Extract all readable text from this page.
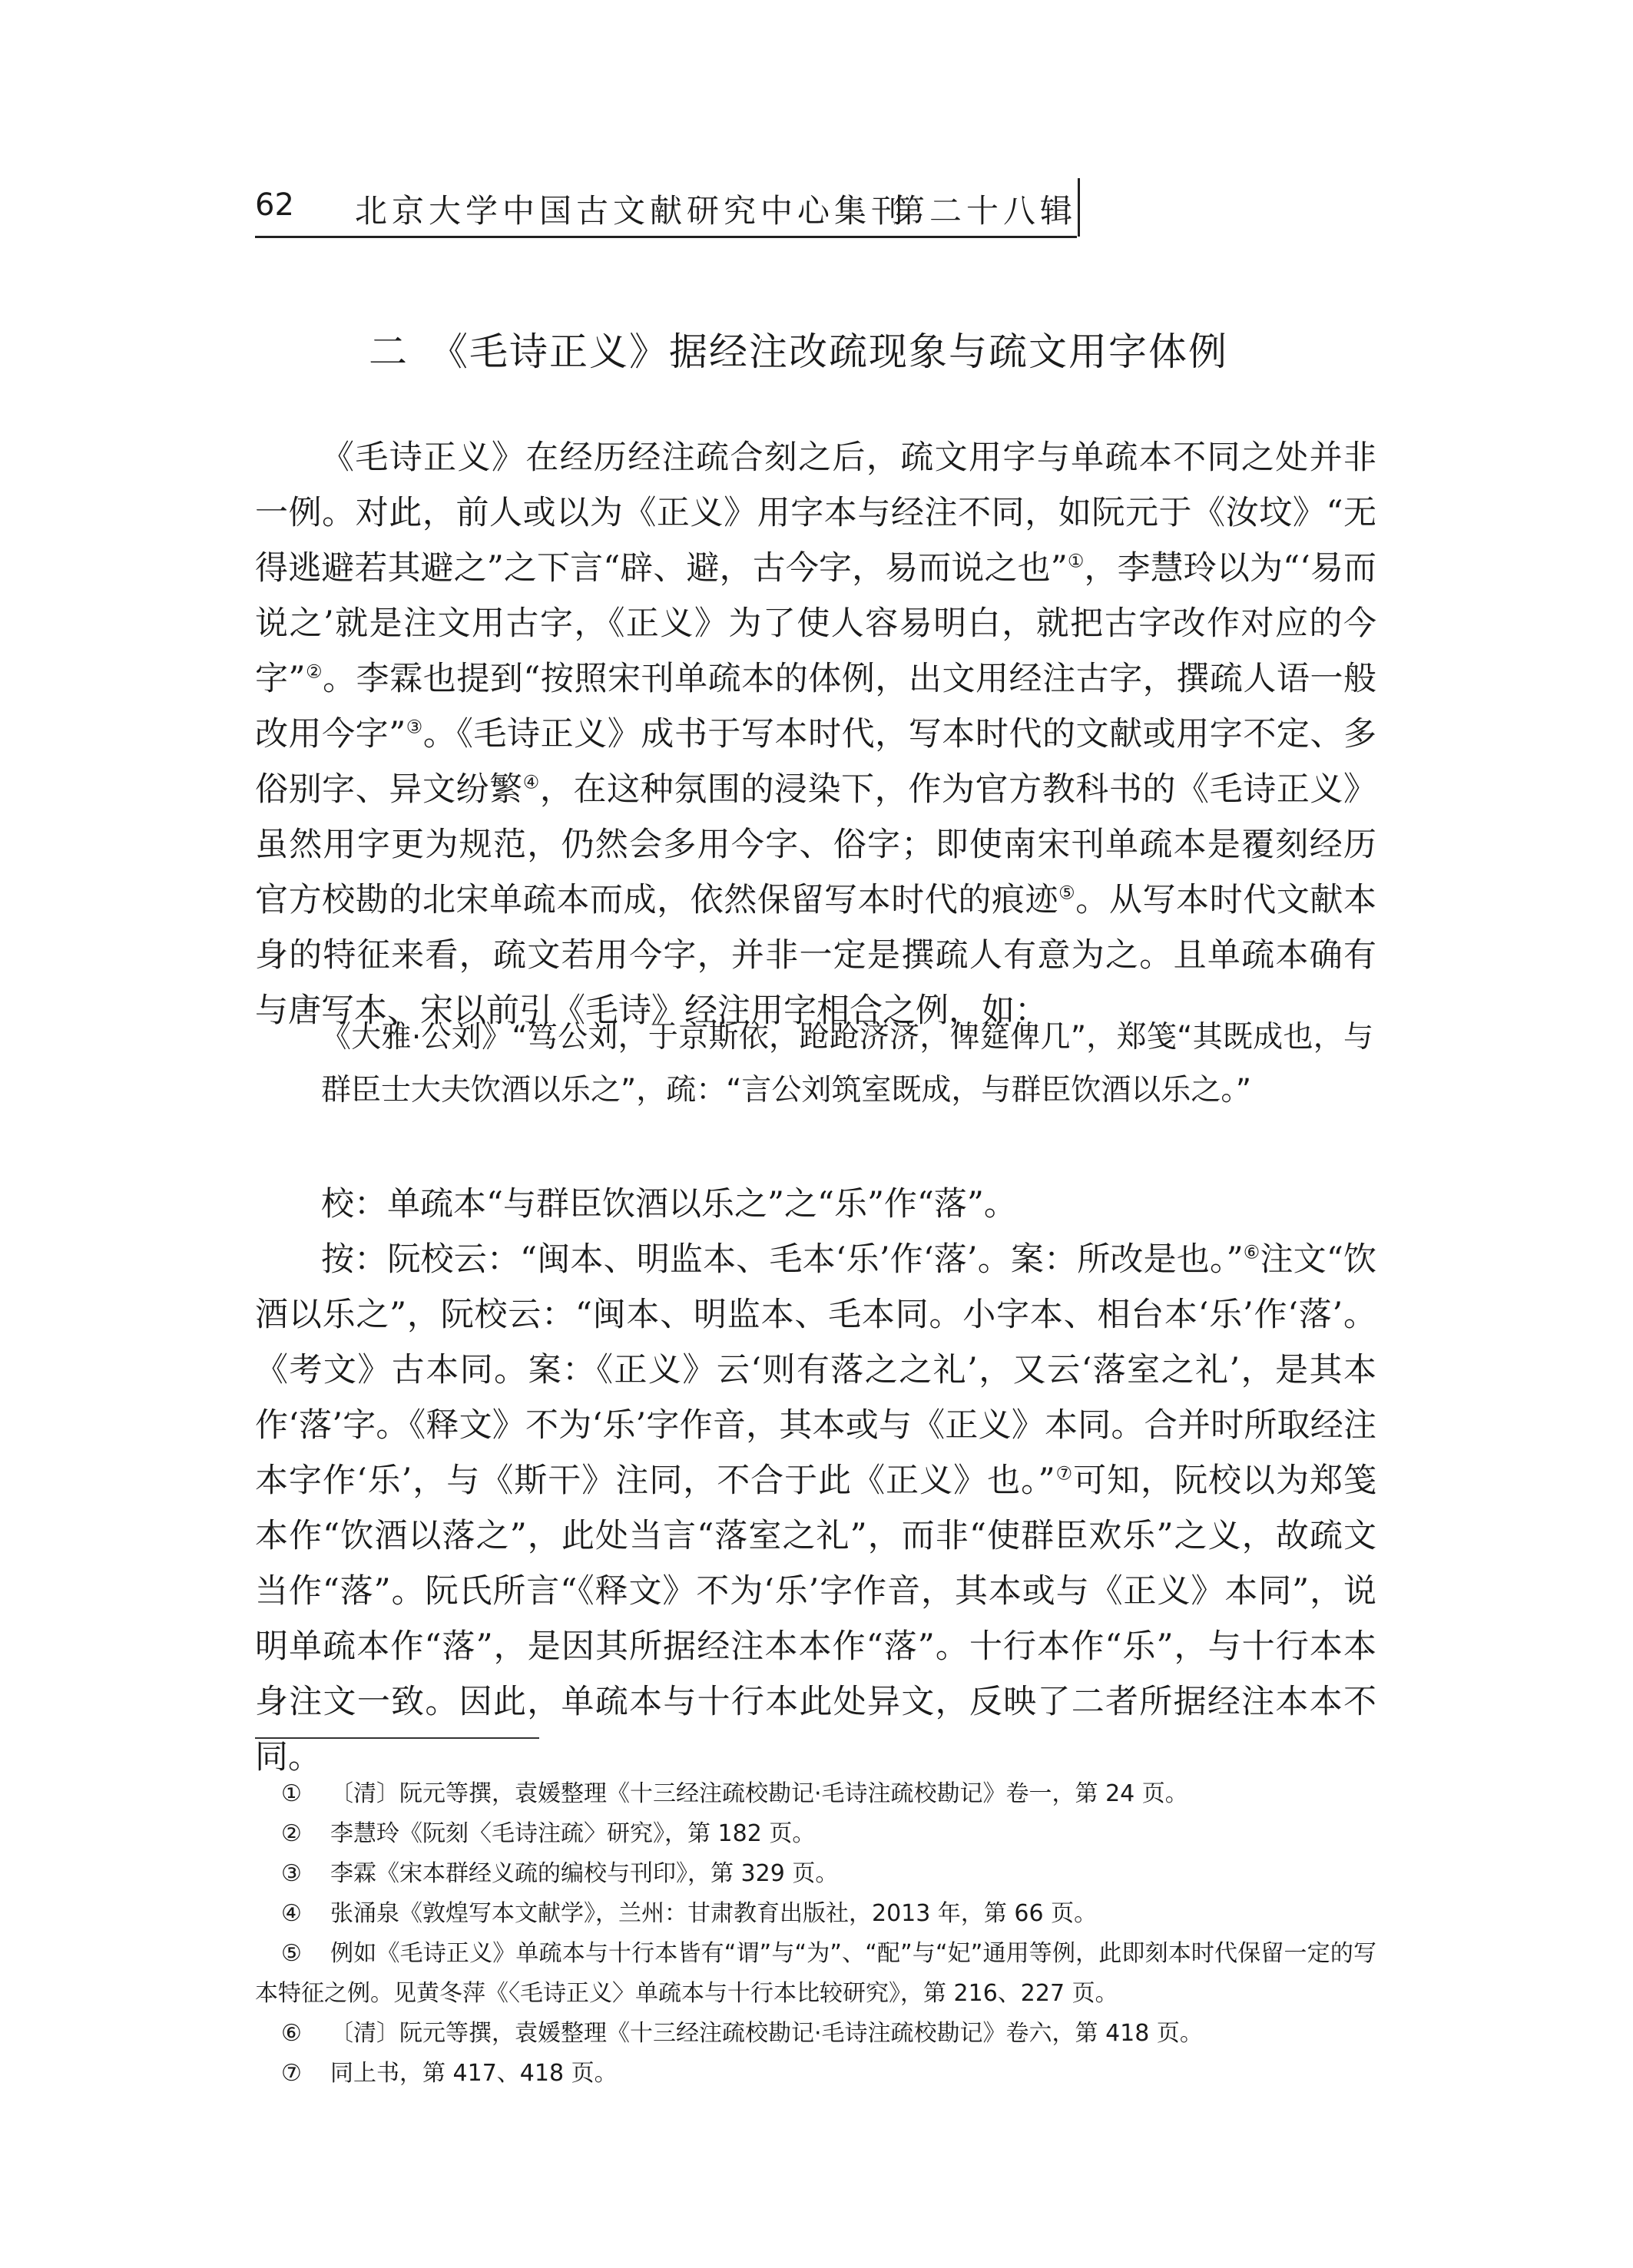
62 北京大学中国古文献研究中心集刊
第二十八辑
二　《毛诗正义》据经注改疏现象与疏文用字体例

《毛诗正义》在经历经注疏合刻之后，疏文用字与单疏本不同之处并非一例。对此，前人或以为《正义》用字本与经注不同，如阮元于《汝坟》“无得逃避若其避之”之下言“辟、避，古今字，易而说之也”①，李慧玲以为“‘易而说之’就是注文用古字，《正义》为了使人容易明白，就把古字改作对应的今字”②。李霖也提到“按照宋刊单疏本的体例，出文用经注古字，撰疏人语一般改用今字”③。《毛诗正义》成书于写本时代，写本时代的文献或用字不定、多俗别字、异文纷繁④，在这种氛围的浸染下，作为官方教科书的《毛诗正义》虽然用字更为规范，仍然会多用今字、俗字；即使南宋刊单疏本是覆刻经历官方校勘的北宋单疏本而成，依然保留写本时代的痕迹⑤。从写本时代文献本身的特征来看，疏文若用今字，并非一定是撰疏人有意为之。且单疏本确有与唐写本、宋以前引《毛诗》经注用字相合之例，如：

《大雅·公刘》“笃公刘，于京斯依，跄跄济济，俾筵俾几”，郑笺“其既成也，与群臣士大夫饮酒以乐之”，疏：“言公刘筑室既成，与群臣饮酒以乐之。”

校：单疏本“与群臣饮酒以乐之”之“乐”作“落”。

按：阮校云：“闽本、明监本、毛本‘乐’作‘落’。案：所改是也。”⑥注文“饮酒以乐之”，阮校云：“闽本、明监本、毛本同。小字本、相台本‘乐’作‘落’。《考文》古本同。案：《正义》云‘则有落之之礼’，又云‘落室之礼’，是其本作‘落’字。《释文》不为‘乐’字作音，其本或与《正义》本同。合并时所取经注本字作‘乐’，与《斯干》注同，不合于此《正义》也。”⑦可知，阮校以为郑笺本作“饮酒以落之”，此处当言“落室之礼”，而非“使群臣欢乐”之义，故疏文当作“落”。阮氏所言“《释文》不为‘乐’字作音，其本或与《正义》本同”，说明单疏本作“落”，是因其所据经注本本作“落”。十行本作“乐”，与十行本本身注文一致。因此，单疏本与十行本此处异文，反映了二者所据经注本本不同。

① 〔清〕阮元等撰，袁媛整理《十三经注疏校勘记·毛诗注疏校勘记》卷一，第 24 页。

② 李慧玲《阮刻〈毛诗注疏〉研究》，第 182 页。

③ 李霖《宋本群经义疏的编校与刊印》，第 329 页。

④ 张涌泉《敦煌写本文献学》，兰州：甘肃教育出版社，2013 年，第 66 页。

⑤ 例如《毛诗正义》单疏本与十行本皆有“谓”与“为”、“配”与“妃”通用等例，此即刻本时代保留一定的写本特征之例。见黄冬萍《〈毛诗正义〉单疏本与十行本比较研究》，第 216、227 页。

⑥ 〔清〕阮元等撰，袁媛整理《十三经注疏校勘记·毛诗注疏校勘记》卷六，第 418 页。

⑦ 同上书，第 417、418 页。
